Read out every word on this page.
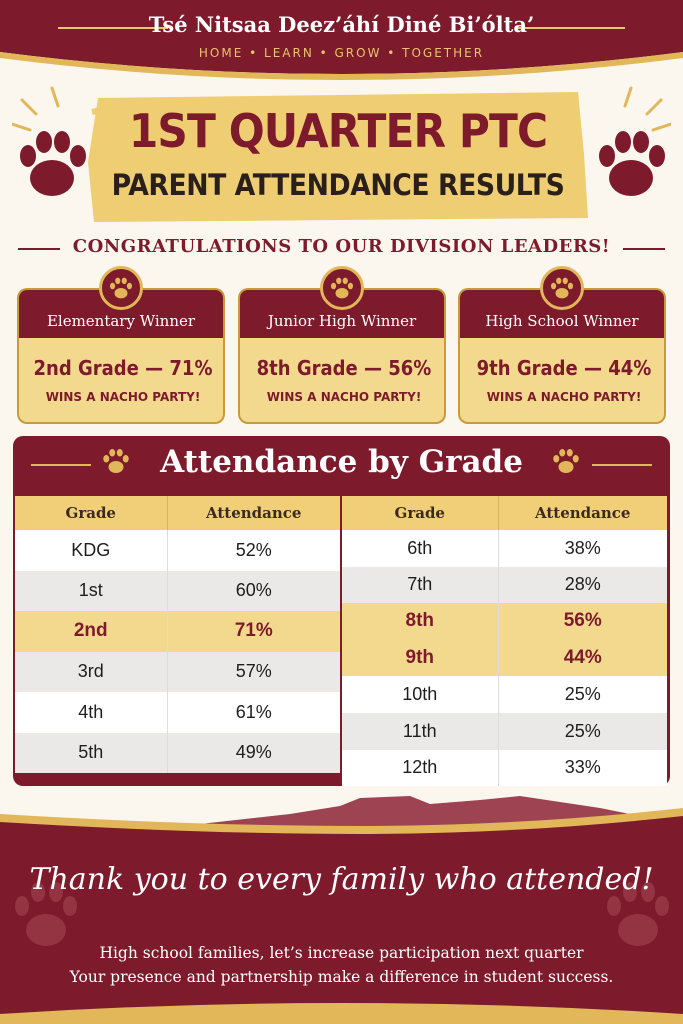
Tsé Nitsaa Deez’áhí Diné Bi’ólta’
HOME • LEARN • GROW • TOGETHER
1ST QUARTER PTC
PARENT ATTENDANCE RESULTS
CONGRATULATIONS TO OUR DIVISION LEADERS!
2nd Grade — 71%
WINS A NACHO PARTY!
Elementary Winner
8th Grade — 56%
WINS A NACHO PARTY!
Junior High Winner
9th Grade — 44%
WINS A NACHO PARTY!
High School Winner
Attendance by Grade
Grade	Attendance
KDG	52%
1st	60%
2nd	71%
3rd	57%
4th	61%
5th	49%
Grade	Attendance
6th	38%
7th	28%
8th	56%
9th	44%
10th	25%
11th	25%
12th	33%
Thank you to every family who attended!
High school families, let’s increase participation next quarter
Your presence and partnership make a difference in student success.
